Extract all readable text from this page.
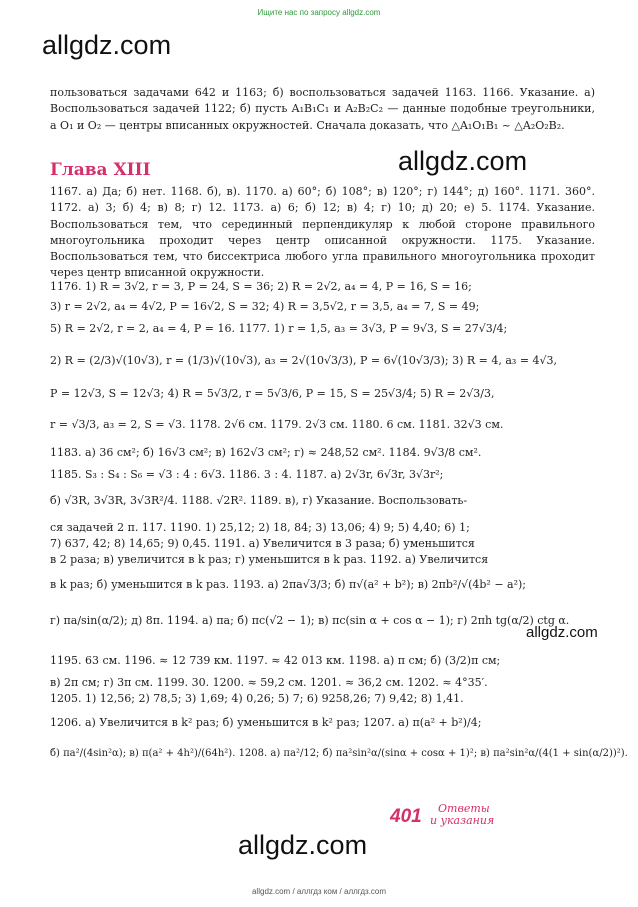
Ищите нас по запросу allgdz.com
allgdz.com
пользоваться задачами 642 и 1163; б) воспользоваться задачей 1163. 1166. Указание. а) Воспользоваться задачей 1122; б) пусть A₁B₁C₁ и A₂B₂C₂ — данные подобные треугольники, а O₁ и O₂ — центры вписанных окружностей. Сначала доказать, что △A₁O₁B₁ ~ △A₂O₂B₂.
Глава XIII	allgdz.com
1167. а) Да; б) нет. 1168. б), в). 1170. а) 60°; б) 108°; в) 120°; г) 144°; д) 160°. 1171. 360°. 1172. а) 3; б) 4; в) 8; г) 12. 1173. а) 6; б) 12; в) 4; г) 10; д) 20; е) 5. 1174. Указание. Воспользоваться тем, что серединный перпендикуляр к любой стороне правильного многоугольника проходит через центр описанной окружности. 1175. Указание. Воспользоваться тем, что биссектриса любого угла правильного многоугольника проходит через центр вписанной окружности.
1176. 1) R = 3√2, r = 3, P = 24, S = 36; 2) R = 2√2, a₄ = 4, P = 16, S = 16;
3) r = 2√2, a₄ = 4√2, P = 16√2, S = 32; 4) R = 3,5√2, r = 3,5, a₄ = 7, S = 49;
5) R = 2√2, r = 2, a₄ = 4, P = 16. 1177. 1) r = 1,5, a₃ = 3√3, P = 9√3, S = 27√3/4;
2) R = (2/3)√(10√3), r = (1/3)√(10√3), a₃ = 2√(10√3/3), P = 6√(10√3/3); 3) R = 4, a₃ = 4√3,
P = 12√3, S = 12√3; 4) R = 5√3/2, r = 5√3/6, P = 15, S = 25√3/4; 5) R = 2√3/3,
r = √3/3, a₃ = 2, S = √3. 1178. 2√6 см. 1179. 2√3 см. 1180. 6 см. 1181. 32√3 см.
1183. а) 36 см²; б) 16√3 см²; в) 162√3 см²; г) ≈ 248,52 см². 1184. 9√3/8 см².
1185. S₃ : S₄ : S₆ = √3 : 4 : 6√3. 1186. 3 : 4. 1187. а) 2√3r, 6√3r, 3√3r²;
б) √3R, 3√3R, 3√3R²/4. 1188. √2R². 1189. в), г) Указание. Воспользовать-
ся задачей 2 п. 117. 1190. 1) 25,12; 2) 18, 84; 3) 13,06; 4) 9; 5) 4,40; 6) 1;
7) 637, 42; 8) 14,65; 9) 0,45. 1191. а) Увеличится в 3 раза; б) уменьшится
в 2 раза; в) увеличится в k раз; г) уменьшится в k раз. 1192. а) Увеличится
в k раз; б) уменьшится в k раз. 1193. а) 2πa√3/3; б) π√(a² + b²); в) 2πb²/√(4b² − a²);
г) πa/sin(α/2); д) 8π. 1194. а) πa; б) πc(√2 − 1); в) πc(sin α + cos α − 1); г) 2πh tg(α/2) ctg α.
allgdz.com
1195. 63 см. 1196. ≈ 12 739 км. 1197. ≈ 42 013 км. 1198. а) π см; б) (3/2)π см;
в) 2π см; г) 3π см. 1199. 30. 1200. ≈ 59,2 см. 1201. ≈ 36,2 см. 1202. ≈ 4°35′.
1205. 1) 12,56; 2) 78,5; 3) 1,69; 4) 0,26; 5) 7; 6) 9258,26; 7) 9,42; 8) 1,41.
1206. а) Увеличится в k² раз; б) уменьшится в k² раз; 1207. а) π(a² + b²)/4;
б) πa²/(4sin²α); в) π(a² + 4h²)/(64h²). 1208. а) πa²/12; б) πa²sin²α/(sinα + cosα + 1)²; в) πa²sin²α/(4(1 + sin(α/2))²).
401 Ответы
и указания
allgdz.com
allgdz.com / аллгдз ком / аллгдз.com
